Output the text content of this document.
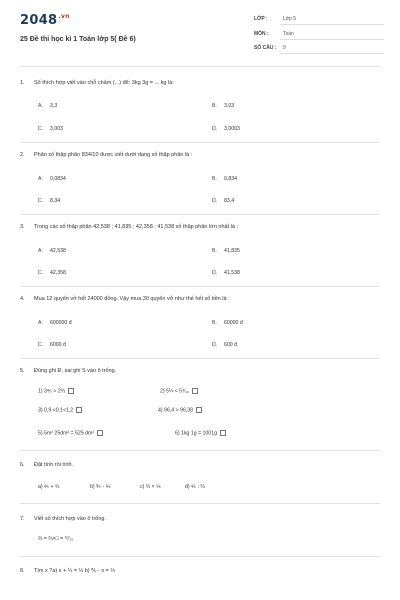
$2048^{.vn}$
25 Đề thi học kì 1 Toán lớp 5( Đề 6)
LỚP :	Lớp 5
MÔN :	Toán
SỐ CÂU : 9
1. Số thích hợp viết vào chỗ chấm (...) để: 3kg 3g = ... kg là:
A. 3,3	B. 3,03
C. 3,003	D. 3,0003
2. Phân số thập phân 834/10 được viết dưới dạng số thập phân là :
A. 0,0834	B. 0,834
C. 8,34	D. 83,4
3. Trong các số thập phân 42,538 ; 41,835 ; 42,358 ; 41,538 số thập phân lớn nhất là :
A. 42,538	B. 41,835
C. 42,358	D. 41,538
4. Mua 12 quyển vở hết 24000 đồng. Vậy mua 30 quyển vở như thế hết số tiền là :
A. 600000 đ	B. 60000 đ
C. 6000 đ	D. 600 đ
5. Đúng ghi Đ, sai ghi S vào ô trống.
1) 3⅘ > 2⅔	2) 5¼ < 5⁴⁄₁₀
3) 0,9 <0,1<1,2	4) 96,4 > 96,38
5) 5m² 25dm² = 525 dm²	6) 1kg 1g = 1001g
6. Đặt tính rồi tính.
a) ⅘ + ⅔	b) ⅗ - ⅖	c) ⅔ × ⅙	d) ⅘ : ⅔
7. Viết số thích hợp vào ô trống.
⅔ = ⅔×□ = ¹⁰⁄₁₅
8. Tìm x ?a) x + ¼ = ⅓ b) ⅖ - x = ⅓
